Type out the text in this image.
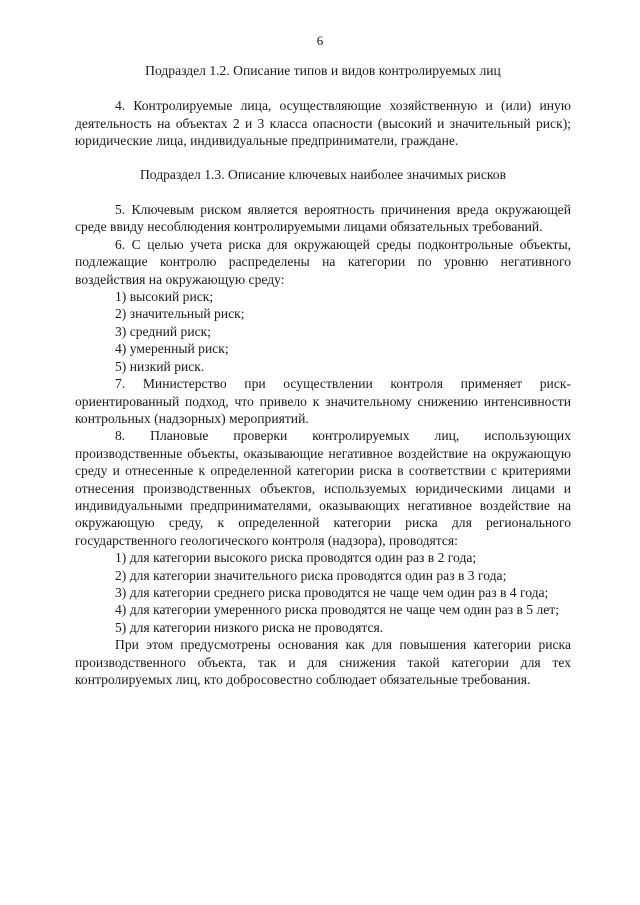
6

Подраздел 1.2. Описание типов и видов контролируемых лиц

4. Контролируемые лица, осуществляющие хозяйственную и (или) иную деятельность на объектах 2 и 3 класса опасности (высокий и значительный риск); юридические лица, индивидуальные предприниматели, граждане.

Подраздел 1.3. Описание ключевых наиболее значимых рисков

5. Ключевым риском является вероятность причинения вреда окружающей среде ввиду несоблюдения контролируемыми лицами обязательных требований.

6. С целью учета риска для окружающей среды подконтрольные объекты, подлежащие контролю распределены на категории по уровню негативного воздействия на окружающую среду:

1) высокий риск;

2) значительный риск;

3) средний риск;

4) умеренный риск;

5) низкий риск.

7. Министерство при осуществлении контроля применяет риск-ориентированный подход, что привело к значительному снижению интенсивности контрольных (надзорных) мероприятий.

8. Плановые проверки контролируемых лиц, использующих производственные объекты, оказывающие негативное воздействие на окружающую среду и отнесенные к определенной категории риска в соответствии с критериями отнесения производственных объектов, используемых юридическими лицами и индивидуальными предпринимателями, оказывающих негативное воздействие на окружающую среду, к определенной категории риска для регионального государственного геологического контроля (надзора), проводятся:

1) для категории высокого риска проводятся один раз в 2 года;

2) для категории значительного риска проводятся один раз в 3 года;

3) для категории среднего риска проводятся не чаще чем один раз в 4 года;

4) для категории умеренного риска проводятся не чаще чем один раз в 5 лет;

5) для категории низкого риска не проводятся.

При этом предусмотрены основания как для повышения категории риска производственного объекта, так и для снижения такой категории для тех контролируемых лиц, кто добросовестно соблюдает обязательные требования.
